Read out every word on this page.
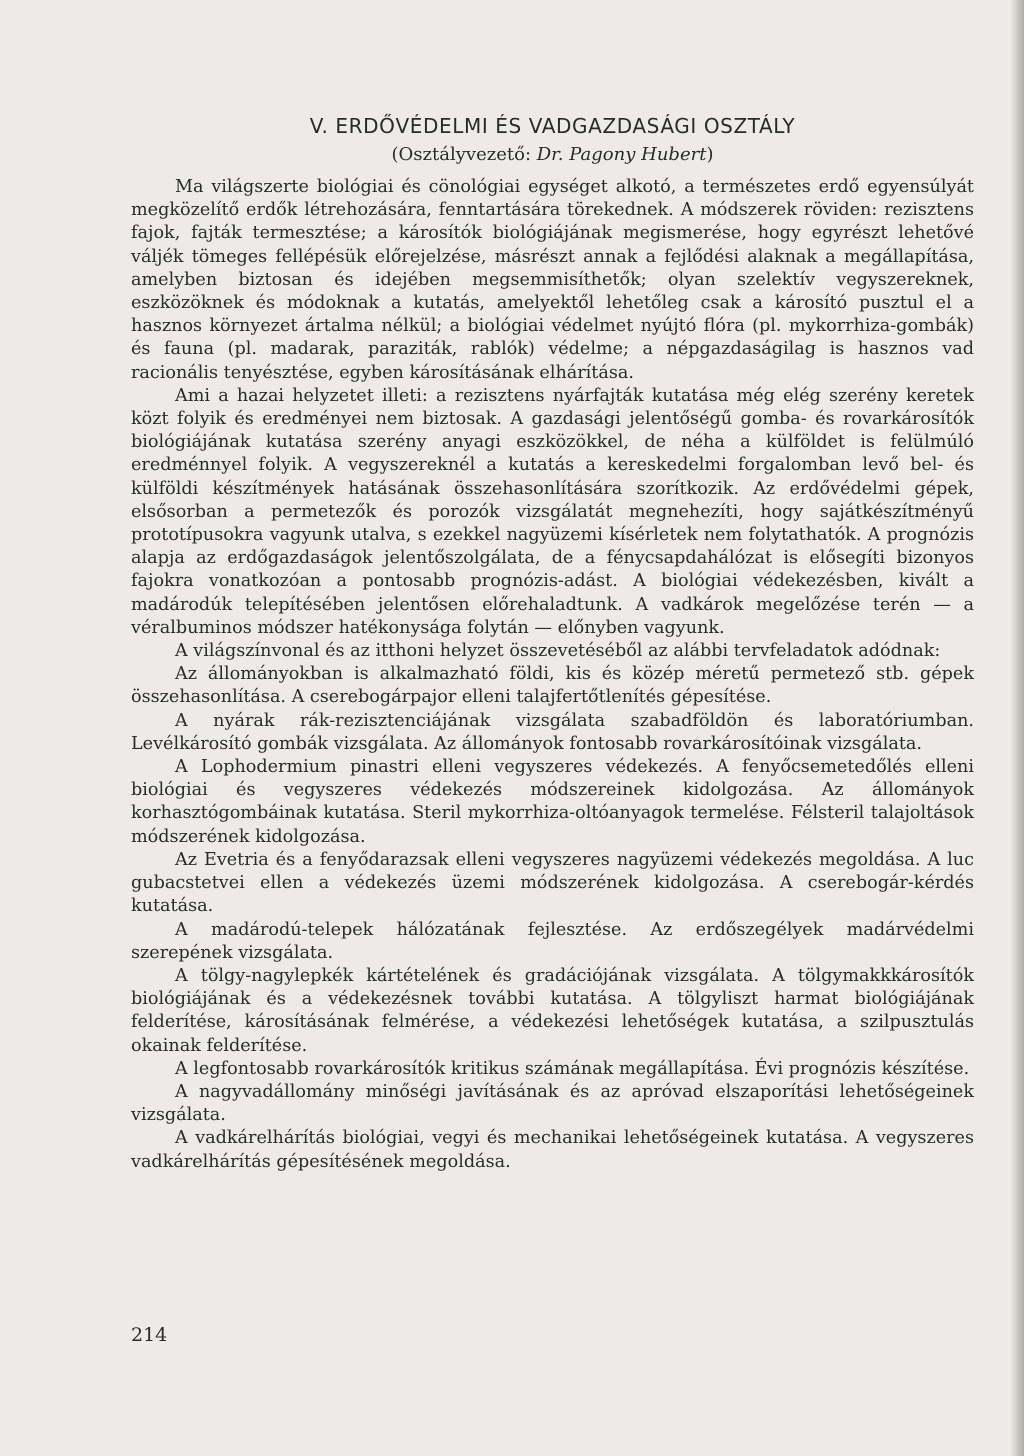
V. ERDŐVÉDELMI ÉS VADGAZDASÁGI OSZTÁLY
(Osztályvezető: Dr. Pagony Hubert)

Ma világszerte biológiai és cönológiai egységet alkotó, a természetes erdő egyensúlyát megközelítő erdők létrehozására, fenntartására törekednek. A módszerek röviden: rezisztens fajok, fajták termesztése; a károsítók biológiájának megismerése, hogy egyrészt lehetővé váljék tömeges fellépésük előrejelzése, másrészt annak a fejlődési alaknak a megállapítása, amelyben biztosan és idejében megsemmisíthetők; olyan szelektív vegyszereknek, eszközöknek és módoknak a kutatás, amelyektől lehetőleg csak a károsító pusztul el a hasznos környezet ártalma nélkül; a biológiai védelmet nyújtó flóra (pl. mykorrhiza-gombák) és fauna (pl. madarak, paraziták, rablók) védelme; a népgazdaságilag is hasznos vad racionális tenyésztése, egyben károsításának elhárítása.

Ami a hazai helyzetet illeti: a rezisztens nyárfajták kutatása még elég szerény keretek közt folyik és eredményei nem biztosak. A gazdasági jelentőségű gomba- és rovarkárosítók biológiájának kutatása szerény anyagi eszközökkel, de néha a külföldet is felülmúló eredménnyel folyik. A vegyszereknél a kutatás a kereskedelmi forgalomban levő bel- és külföldi készítmények hatásának összehasonlítására szorítkozik. Az erdővédelmi gépek, elsősorban a permetezők és porozók vizsgálatát megnehezíti, hogy sajátkészítményű prototípusokra vagyunk utalva, s ezekkel nagyüzemi kísérletek nem folytathatók. A prognózis alapja az erdőgazdaságok jelentőszolgálata, de a fénycsapdahálózat is elősegíti bizonyos fajokra vonatkozóan a pontosabb prognózis-adást. A biológiai védekezésben, kivált a madárodúk telepítésében jelentősen előrehaladtunk. A vadkárok megelőzése terén — a véralbuminos módszer hatékonysága folytán — előnyben vagyunk.

A világszínvonal és az itthoni helyzet összevetéséből az alábbi tervfeladatok adódnak:

Az állományokban is alkalmazható földi, kis és közép méretű permetező stb. gépek összehasonlítása. A cserebogárpajor elleni talajfertőtlenítés gépesítése.

A nyárak rák-rezisztenciájának vizsgálata szabadföldön és laboratóriumban. Levélkárosító gombák vizsgálata. Az állományok fontosabb rovarkárosítóinak vizsgálata.

A Lophodermium pinastri elleni vegyszeres védekezés. A fenyőcsemetedőlés elleni biológiai és vegyszeres védekezés módszereinek kidolgozása. Az állományok korhasztógombáinak kutatása. Steril mykorrhiza-oltóanyagok termelése. Félsteril talajoltások módszerének kidolgozása.

Az Evetria és a fenyődarazsak elleni vegyszeres nagyüzemi védekezés megoldása. A luc gubacstetvei ellen a védekezés üzemi módszerének kidolgozása. A cserebogár-kérdés kutatása.

A madárodú-telepek hálózatának fejlesztése. Az erdőszegélyek madárvédelmi szerepének vizsgálata.

A tölgy-nagylepkék kártételének és gradációjának vizsgálata. A tölgymakkkárosítók biológiájának és a védekezésnek további kutatása. A tölgyliszt harmat biológiájának felderítése, károsításának felmérése, a védekezési lehetőségek kutatása, a szilpusztulás okainak felderítése.

A legfontosabb rovarkárosítók kritikus számának megállapítása. Évi prognózis készítése.

A nagyvadállomány minőségi javításának és az apróvad elszaporítási lehetőségeinek vizsgálata.

A vadkárelhárítás biológiai, vegyi és mechanikai lehetőségeinek kutatása. A vegyszeres vadkárelhárítás gépesítésének megoldása.

214
